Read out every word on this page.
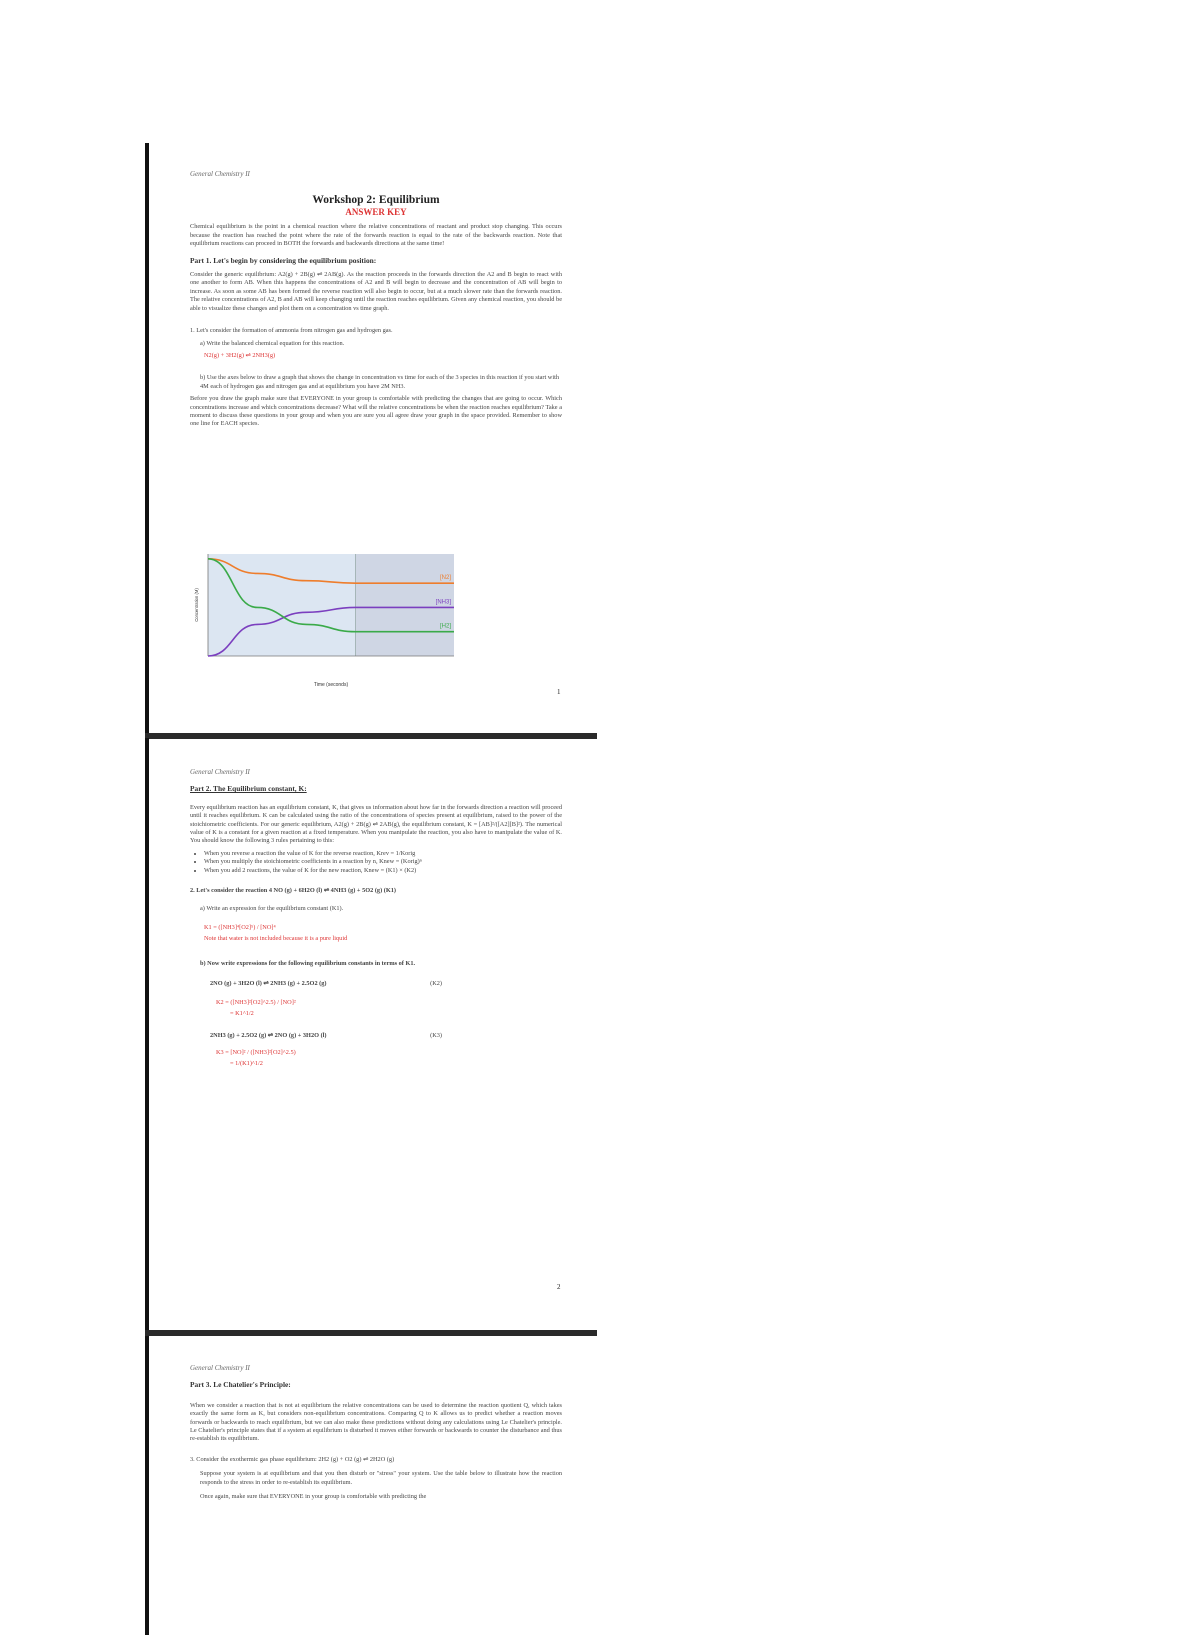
General Chemistry II
Workshop 2: Equilibrium
ANSWER KEY

Chemical equilibrium is the point in a chemical reaction where the relative concentrations of reactant and product stop changing. This occurs because the reaction has reached the point where the rate of the forwards reaction is equal to the rate of the backwards reaction. Note that equilibrium reactions can proceed in BOTH the forwards and backwards directions at the same time!

Part 1. Let's begin by considering the equilibrium position:

Consider the generic equilibrium: A2(g) + 2B(g) ⇌ 2AB(g). As the reaction proceeds in the forwards direction the A2 and B begin to react with one another to form AB. When this happens the concentrations of A2 and B will begin to decrease and the concentration of AB will begin to increase. As soon as some AB has been formed the reverse reaction will also begin to occur, but at a much slower rate than the forwards reaction. The relative concentrations of A2, B and AB will keep changing until the reaction reaches equilibrium. Given any chemical reaction, you should be able to visualize these changes and plot them on a concentration vs time graph.

1. Let's consider the formation of ammonia from nitrogen gas and hydrogen gas.
a) Write the balanced chemical equation for this reaction.
N2(g) + 3H2(g) ⇌ 2NH3(g)
b) Use the axes below to draw a graph that shows the change in concentration vs time for each of the 3 species in this reaction if you start with 4M each of hydrogen gas and nitrogen gas and at equilibrium you have 2M NH3.

Before you draw the graph make sure that EVERYONE in your group is comfortable with predicting the changes that are going to occur. Which concentrations increase and which concentrations decrease? What will the relative concentrations be when the reaction reaches equilibrium? Take a moment to discuss these questions in your group and when you are sure you all agree draw your graph in the space provided. Remember to show one line for EACH species.

Time (seconds)
Concentration (M)
[N2]
[NH3]
[H2]
1
General Chemistry II
Part 2. The Equilibrium constant, K:

Every equilibrium reaction has an equilibrium constant, K, that gives us information about how far in the forwards direction a reaction will proceed until it reaches equilibrium. K can be calculated using the ratio of the concentrations of species present at equilibrium, raised to the power of the stoichiometric coefficients. For our generic equilibrium, A2(g) + 2B(g) ⇌ 2AB(g), the equilibrium constant, K = [AB]²/([A2][B]²). The numerical value of K is a constant for a given reaction at a fixed temperature. When you manipulate the reaction, you also have to manipulate the value of K. You should know the following 3 rules pertaining to this:

• When you reverse a reaction the value of K for the reverse reaction, Krev = 1/Korig
• When you multiply the stoichiometric coefficients in a reaction by n, Knew = (Korig)ⁿ
• When you add 2 reactions, the value of K for the new reaction, Knew = (K1) × (K2)
2. Let's consider the reaction 4 NO (g) + 6H2O (l) ⇌ 4NH3 (g) + 5O2 (g) (K1)
a) Write an expression for the equilibrium constant (K1).
K1 = ([NH3]⁴[O2]⁵) / [NO]⁴
Note that water is not included because it is a pure liquid
b) Now write expressions for the following equilibrium constants in terms of K1.
2NO (g) + 3H2O (l) ⇌ 2NH3 (g) + 2.5O2 (g)	(K2)
K2 = ([NH3]²[O2]^2.5) / [NO]²
= K1^1/2
2NH3 (g) + 2.5O2 (g) ⇌ 2NO (g) + 3H2O (l)	(K3)
K3 = [NO]² / ([NH3]²[O2]^2.5)
= 1/(K1)^1/2
2
General Chemistry II
Part 3. Le Chatelier's Principle:

When we consider a reaction that is not at equilibrium the relative concentrations can be used to determine the reaction quotient Q, which takes exactly the same form as K, but considers non-equilibrium concentrations. Comparing Q to K allows us to predict whether a reaction moves forwards or backwards to reach equilibrium, but we can also make these predictions without doing any calculations using Le Chatelier's principle. Le Chatelier's principle states that if a system at equilibrium is disturbed it moves either forwards or backwards to counter the disturbance and thus re-establish its equilibrium.

3. Consider the exothermic gas phase equilibrium: 2H2 (g) + O2 (g) ⇌ 2H2O (g)

Suppose your system is at equilibrium and that you then disturb or "stress" your system. Use the table below to illustrate how the reaction responds to the stress in order to re-establish its equilibrium.

Once again, make sure that EVERYONE in your group is comfortable with predicting the
